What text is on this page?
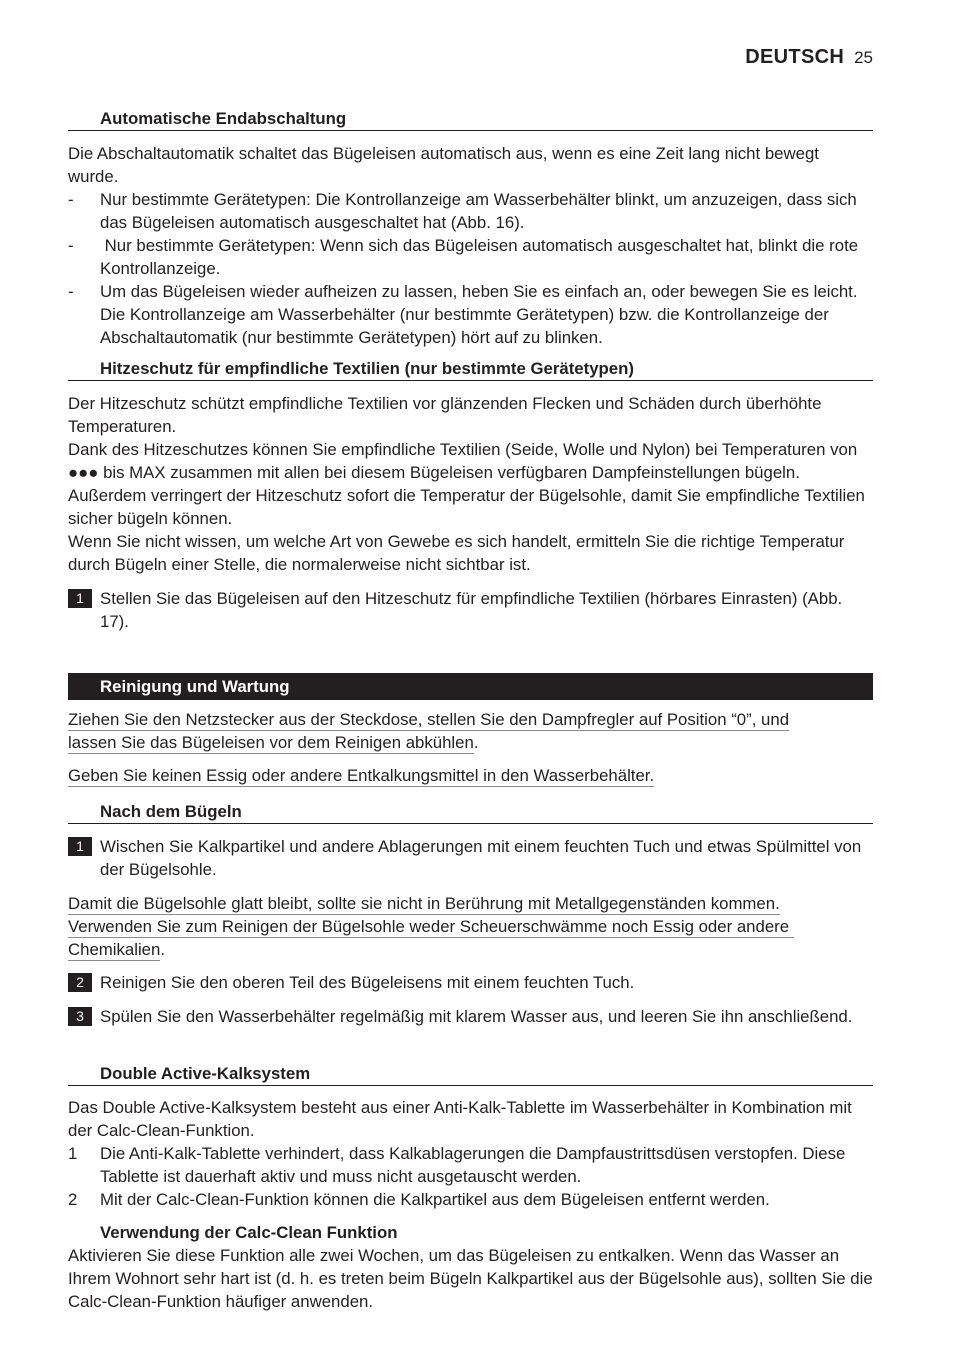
DEUTSCH 25
Automatische Endabschaltung

Die Abschaltautomatik schaltet das Bügeleisen automatisch aus, wenn es eine Zeit lang nicht bewegt wurde.

-	Nur bestimmte Gerätetypen: Die Kontrollanzeige am Wasserbehälter blinkt, um anzuzeigen, dass sich das Bügeleisen automatisch ausgeschaltet hat (Abb. 16).
-	Nur bestimmte Gerätetypen: Wenn sich das Bügeleisen automatisch ausgeschaltet hat, blinkt die rote Kontrollanzeige.
-	Um das Bügeleisen wieder aufheizen zu lassen, heben Sie es einfach an, oder bewegen Sie es leicht. Die Kontrollanzeige am Wasserbehälter (nur bestimmte Gerätetypen) bzw. die Kontrollanzeige der Abschaltautomatik (nur bestimmte Gerätetypen) hört auf zu blinken.
Hitzeschutz für empfindliche Textilien (nur bestimmte Gerätetypen)

Der Hitzeschutz schützt empfindliche Textilien vor glänzenden Flecken und Schäden durch überhöhte Temperaturen.

Dank des Hitzeschutzes können Sie empfindliche Textilien (Seide, Wolle und Nylon) bei Temperaturen von ●●● bis MAX zusammen mit allen bei diesem Bügeleisen verfügbaren Dampfeinstellungen bügeln.

Außerdem verringert der Hitzeschutz sofort die Temperatur der Bügelsohle, damit Sie empfindliche Textilien sicher bügeln können.

Wenn Sie nicht wissen, um welche Art von Gewebe es sich handelt, ermitteln Sie die richtige Temperatur durch Bügeln einer Stelle, die normalerweise nicht sichtbar ist.

1 Stellen Sie das Bügeleisen auf den Hitzeschutz für empfindliche Textilien (hörbares Einrasten) (Abb. 17).
Reinigung und Wartung
Ziehen Sie den Netzstecker aus der Steckdose, stellen Sie den Dampfregler auf Position “0”, und
lassen Sie das Bügeleisen vor dem Reinigen abkühlen.
Geben Sie keinen Essig oder andere Entkalkungsmittel in den Wasserbehälter.
Nach dem Bügeln
1 Wischen Sie Kalkpartikel und andere Ablagerungen mit einem feuchten Tuch und etwas Spülmittel von der Bügelsohle.
Damit die Bügelsohle glatt bleibt, sollte sie nicht in Berührung mit Metallgegenständen kommen.
Verwenden Sie zum Reinigen der Bügelsohle weder Scheuerschwämme noch Essig oder andere
Chemikalien.
2 Reinigen Sie den oberen Teil des Bügeleisens mit einem feuchten Tuch.
3 Spülen Sie den Wasserbehälter regelmäßig mit klarem Wasser aus, und leeren Sie ihn anschließend.
Double Active-Kalksystem

Das Double Active-Kalksystem besteht aus einer Anti-Kalk-Tablette im Wasserbehälter in Kombination mit der Calc-Clean-Funktion.

1	Die Anti-Kalk-Tablette verhindert, dass Kalkablagerungen die Dampfaustrittsdüsen verstopfen. Diese Tablette ist dauerhaft aktiv und muss nicht ausgetauscht werden.
2	Mit der Calc-Clean-Funktion können die Kalkpartikel aus dem Bügeleisen entfernt werden.
Verwendung der Calc-Clean Funktion

Aktivieren Sie diese Funktion alle zwei Wochen, um das Bügeleisen zu entkalken. Wenn das Wasser an Ihrem Wohnort sehr hart ist (d. h. es treten beim Bügeln Kalkpartikel aus der Bügelsohle aus), sollten Sie die Calc-Clean-Funktion häufiger anwenden.
